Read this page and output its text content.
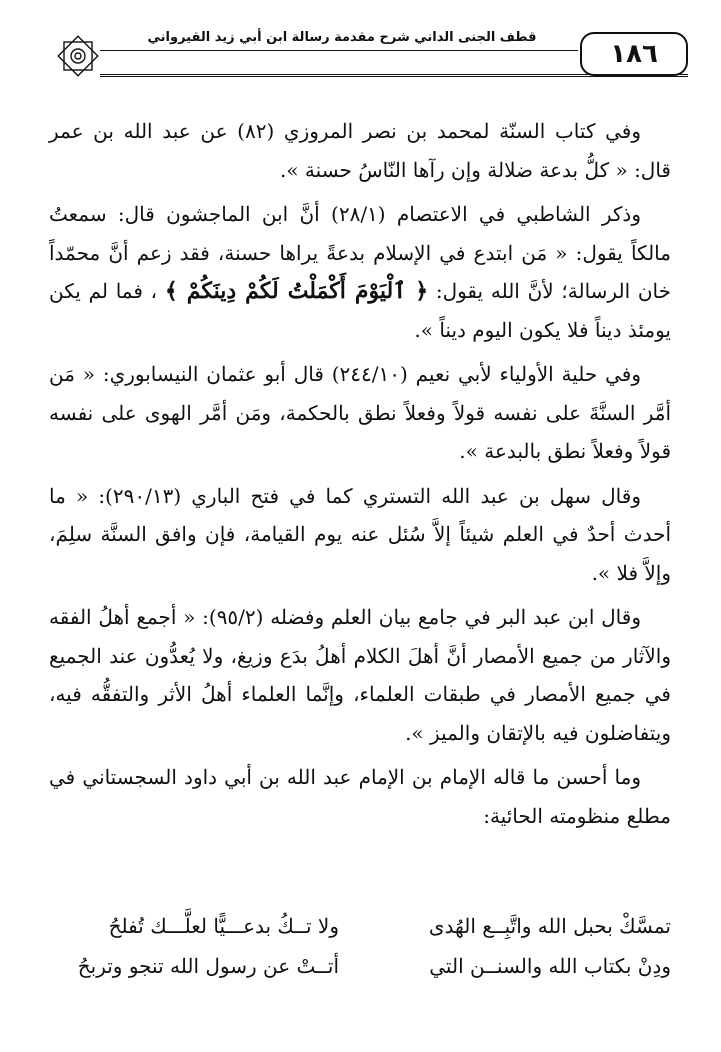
١٨٦
قطف الجنى الداني شرح مقدمة رسالة ابن أبي زيد القيرواني

وفي كتاب السنّة لمحمد بن نصر المروزي (٨٢) عن عبد الله بن عمر قال: « كلُّ بدعة ضلالة وإن رآها النّاسُ حسنة ».

وذكر الشاطبي في الاعتصام (٢٨/١) أنَّ ابن الماجشون قال: سمعتُ مالكاً يقول: « مَن ابتدع في الإسلام بدعةً يراها حسنة، فقد زعم أنَّ محمّداً خان الرسالة؛ لأنَّ الله يقول: ﴿ ٱلْيَوْمَ أَكْمَلْتُ لَكُمْ دِينَكُمْ ﴾ ، فما لم يكن يومئذ ديناً فلا يكون اليوم ديناً ».

وفي حلية الأولياء لأبي نعيم (٢٤٤/١٠) قال أبو عثمان النيسابوري: « مَن أمَّر السنَّةَ على نفسه قولاً وفعلاً نطق بالحكمة، ومَن أمَّر الهوى على نفسه قولاً وفعلاً نطق بالبدعة ».

وقال سهل بن عبد الله التستري كما في فتح الباري (٢٩٠/١٣): « ما أحدث أحدٌ في العلم شيئاً إلاَّ سُئل عنه يوم القيامة، فإن وافق السنَّة سلِمَ، وإلاَّ فلا ».

وقال ابن عبد البر في جامع بيان العلم وفضله (٩٥/٢): « أجمع أهلُ الفقه والآثار من جميع الأمصار أنَّ أهلَ الكلام أهلُ بدَع وزيغ، ولا يُعدُّون عند الجميع في جميع الأمصار في طبقات العلماء، وإنَّما العلماء أهلُ الأثر والتفقُّه فيه، ويتفاضلون فيه بالإتقان والميز ».

وما أحسن ما قاله الإمام بن الإمام عبد الله بن أبي داود السجستاني في مطلع منظومته الحائية:

تمسَّكْ بحبل الله واتَّبِــع الهُدى
ولا تــكُ بدعـــيًّا لعلَّـــك تُفلحُ
ودِنْ بكتاب الله والسنــن التي
أتــتْ عن رسول الله تنجو وتربحُ
